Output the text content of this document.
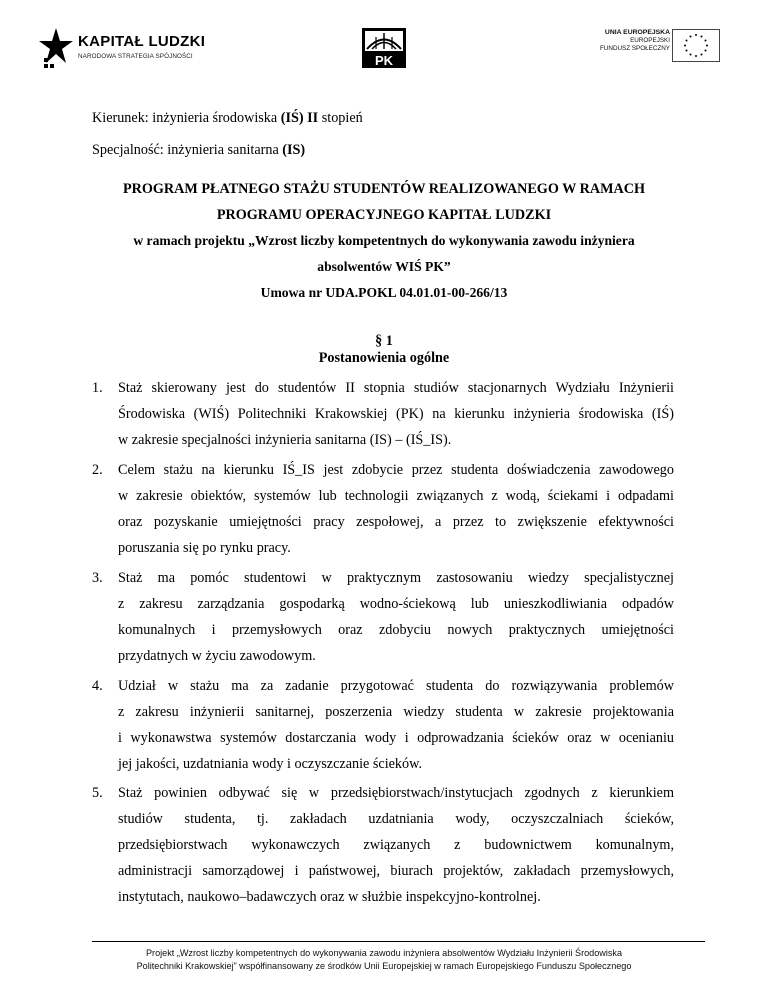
KAPITAŁ LUDZKI
NARODOWA STRATEGIA SPÓJNOŚCI	PK
UNIA EUROPEJSKA
EUROPEJSKI
FUNDUSZ SPOŁECZNY
Kierunek: inżynieria środowiska (IŚ) II stopień
Specjalność: inżynieria sanitarna (IS)
PROGRAM PŁATNEGO STAŻU STUDENTÓW REALIZOWANEGO W RAMACH
PROGRAMU OPERACYJNEGO KAPITAŁ LUDZKI
w ramach projektu „Wzrost liczby kompetentnych do wykonywania zawodu inżyniera
absolwentów WIŚ PK”
Umowa nr UDA.POKL 04.01.01-00-266/13
§ 1
Postanowienia ogólne
1. Staż skierowany jest do studentów II stopnia studiów stacjonarnych Wydziału Inżynierii
Środowiska (WIŚ) Politechniki Krakowskiej (PK) na kierunku inżynieria środowiska (IŚ)
w zakresie specjalności inżynieria sanitarna (IS) – (IŚ_IS).
2. Celem stażu na kierunku IŚ_IS jest zdobycie przez studenta doświadczenia zawodowego
w zakresie obiektów, systemów lub technologii związanych z wodą, ściekami i odpadami
oraz pozyskanie umiejętności pracy zespołowej, a przez to zwiększenie efektywności
poruszania się po rynku pracy.
3. Staż ma pomóc studentowi w praktycznym zastosowaniu wiedzy specjalistycznej
z zakresu zarządzania gospodarką wodno-ściekową lub unieszkodliwiania odpadów
komunalnych i przemysłowych oraz zdobyciu nowych praktycznych umiejętności
przydatnych w życiu zawodowym.
4. Udział w stażu ma za zadanie przygotować studenta do rozwiązywania problemów
z zakresu inżynierii sanitarnej, poszerzenia wiedzy studenta w zakresie projektowania
i wykonawstwa systemów dostarczania wody i odprowadzania ścieków oraz w ocenianiu
jej jakości, uzdatniania wody i oczyszczanie ścieków.
5. Staż powinien odbywać się w przedsiębiorstwach/instytucjach zgodnych z kierunkiem
studiów studenta, tj. zakładach uzdatniania wody, oczyszczalniach ścieków,
przedsiębiorstwach wykonawczych związanych z budownictwem komunalnym,
administracji samorządowej i państwowej, biurach projektów, zakładach przemysłowych,
instytutach, naukowo–badawczych oraz w służbie inspekcyjno-kontrolnej.
Projekt „Wzrost liczby kompetentnych do wykonywania zawodu inżyniera absolwentów Wydziału Inżynierii Środowiska
Politechniki Krakowskiej” współfinansowany ze środków Unii Europejskiej w ramach Europejskiego Funduszu Społecznego
